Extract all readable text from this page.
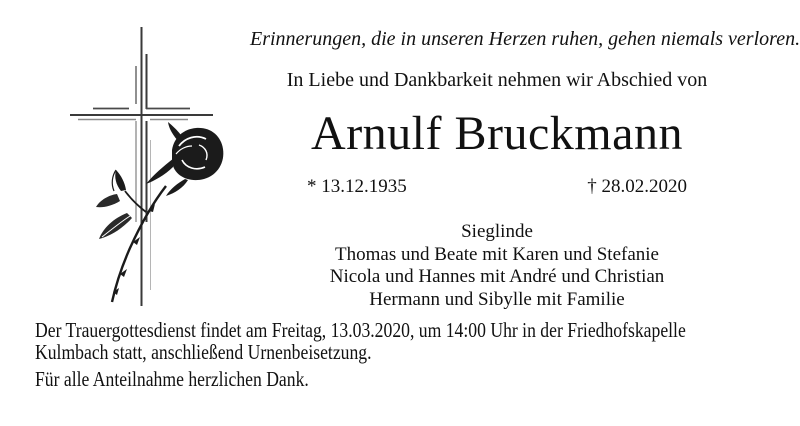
Erinnerungen, die in unseren Herzen ruhen, gehen niemals verloren.
In Liebe und Dankbarkeit nehmen wir Abschied von
Arnulf Bruckmann
* 13.12.1935	† 28.02.2020
Sieglinde
Thomas und Beate mit Karen und Stefanie
Nicola und Hannes mit André und Christian
Hermann und Sibylle mit Familie
Der Trauergottesdienst findet am Freitag, 13.03.2020, um 14:00 Uhr in der Friedhofskapelle Kulmbach statt, anschließend Urnenbeisetzung.
Für alle Anteilnahme herzlichen Dank.
